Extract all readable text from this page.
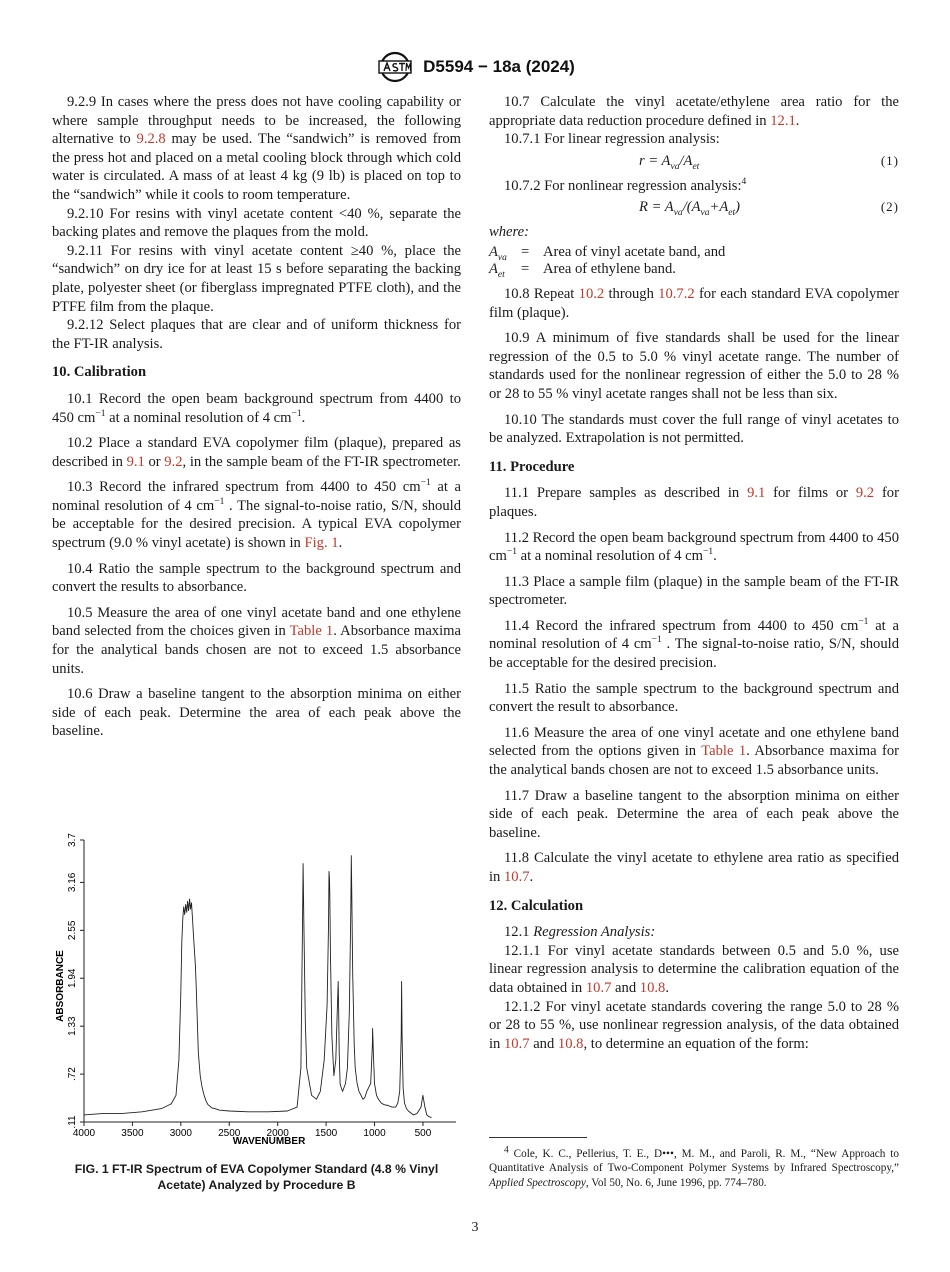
D5594 − 18a (2024)

9.2.9 In cases where the press does not have cooling capability or where sample throughput needs to be increased, the following alternative to 9.2.8 may be used. The “sandwich” is removed from the press hot and placed on a metal cooling block through which cold water is circulated. A mass of at least 4 kg (9 lb) is placed on top to the “sandwich” while it cools to room temperature.

9.2.10 For resins with vinyl acetate content <40 %, separate the backing plates and remove the plaques from the mold.

9.2.11 For resins with vinyl acetate content ≥40 %, place the “sandwich” on dry ice for at least 15 s before separating the backing plate, polyester sheet (or fiberglass impregnated PTFE cloth), and the PTFE film from the plaque.

9.2.12 Select plaques that are clear and of uniform thickness for the FT-IR analysis.

10. Calibration

10.1 Record the open beam background spectrum from 4400 to 450 $cm^{-1}$ at a nominal resolution of 4 $cm^{-1}$.

10.2 Place a standard EVA copolymer film (plaque), prepared as described in 9.1 or 9.2, in the sample beam of the FT-IR spectrometer.

10.3 Record the infrared spectrum from 4400 to 450 $cm^{-1}$ at a nominal resolution of 4 $cm^{-1}$ . The signal-to-noise ratio, S/N, should be acceptable for the desired precision. A typical EVA copolymer spectrum (9.0 % vinyl acetate) is shown in Fig. 1.

10.4 Ratio the sample spectrum to the background spectrum and convert the results to absorbance.

10.5 Measure the area of one vinyl acetate band and one ethylene band selected from the choices given in Table 1. Absorbance maxima for the analytical bands chosen are not to exceed 1.5 absorbance units.

10.6 Draw a baseline tangent to the absorption minima on either side of each peak. Determine the area of each peak above the baseline.

4000	3500	3000	2500	2000	1500	1000	500
.11
.72
1.33
1.94
2.55
3.16
3.7
WAVENUMBER
ABSORBANCE
FIG. 1 FT-IR Spectrum of EVA Copolymer Standard (4.8 % Vinyl Acetate) Analyzed by Procedure B

10.7 Calculate the vinyl acetate/ethylene area ratio for the appropriate data reduction procedure defined in 12.1.

10.7.1 For linear regression analysis:

$r = A_{va}/A_{et}$	(1)

10.7.2 For nonlinear regression analysis:$^4$

$R = A_{va}/(A_{va}+A_{et})$	(2)
where:
$A_{va}$ = Area of vinyl acetate band, and
$A_{et}$	= Area of ethylene band.

10.8 Repeat 10.2 through 10.7.2 for each standard EVA copolymer film (plaque).

10.9 A minimum of five standards shall be used for the linear regression of the 0.5 to 5.0 % vinyl acetate range. The number of standards used for the nonlinear regression of either the 5.0 to 28 % or 28 to 55 % vinyl acetate ranges shall not be less than six.

10.10 The standards must cover the full range of vinyl acetates to be analyzed. Extrapolation is not permitted.

11. Procedure

11.1 Prepare samples as described in 9.1 for films or 9.2 for plaques.

11.2 Record the open beam background spectrum from 4400 to 450 $cm^{-1}$ at a nominal resolution of 4 $cm^{-1}$.

11.3 Place a sample film (plaque) in the sample beam of the FT-IR spectrometer.

11.4 Record the infrared spectrum from 4400 to 450 $cm^{-1}$ at a nominal resolution of 4 $cm^{-1}$ . The signal-to-noise ratio, S/N, should be acceptable for the desired precision.

11.5 Ratio the sample spectrum to the background spectrum and convert the result to absorbance.

11.6 Measure the area of one vinyl acetate and one ethylene band selected from the options given in Table 1. Absorbance maxima for the analytical bands chosen are not to exceed 1.5 absorbance units.

11.7 Draw a baseline tangent to the absorption minima on either side of each peak. Determine the area of each peak above the baseline.

11.8 Calculate the vinyl acetate to ethylene area ratio as specified in 10.7.

12. Calculation

12.1 Regression Analysis:

12.1.1 For vinyl acetate standards between 0.5 and 5.0 %, use linear regression analysis to determine the calibration equation of the data obtained in 10.7 and 10.8.

12.1.2 For vinyl acetate standards covering the range 5.0 to 28 % or 28 to 55 %, use nonlinear regression analysis, of the data obtained in 10.7 and 10.8, to determine an equation of the form:

$^4$ Cole, K. C., Pellerius, T. E., D•••, M. M., and Paroli, R. M., “New Approach to Quantitative Analysis of Two-Component Polymer Systems by Infrared Spectroscopy,” Applied Spectroscopy, Vol 50, No. 6, June 1996, pp. 774–780.
3
